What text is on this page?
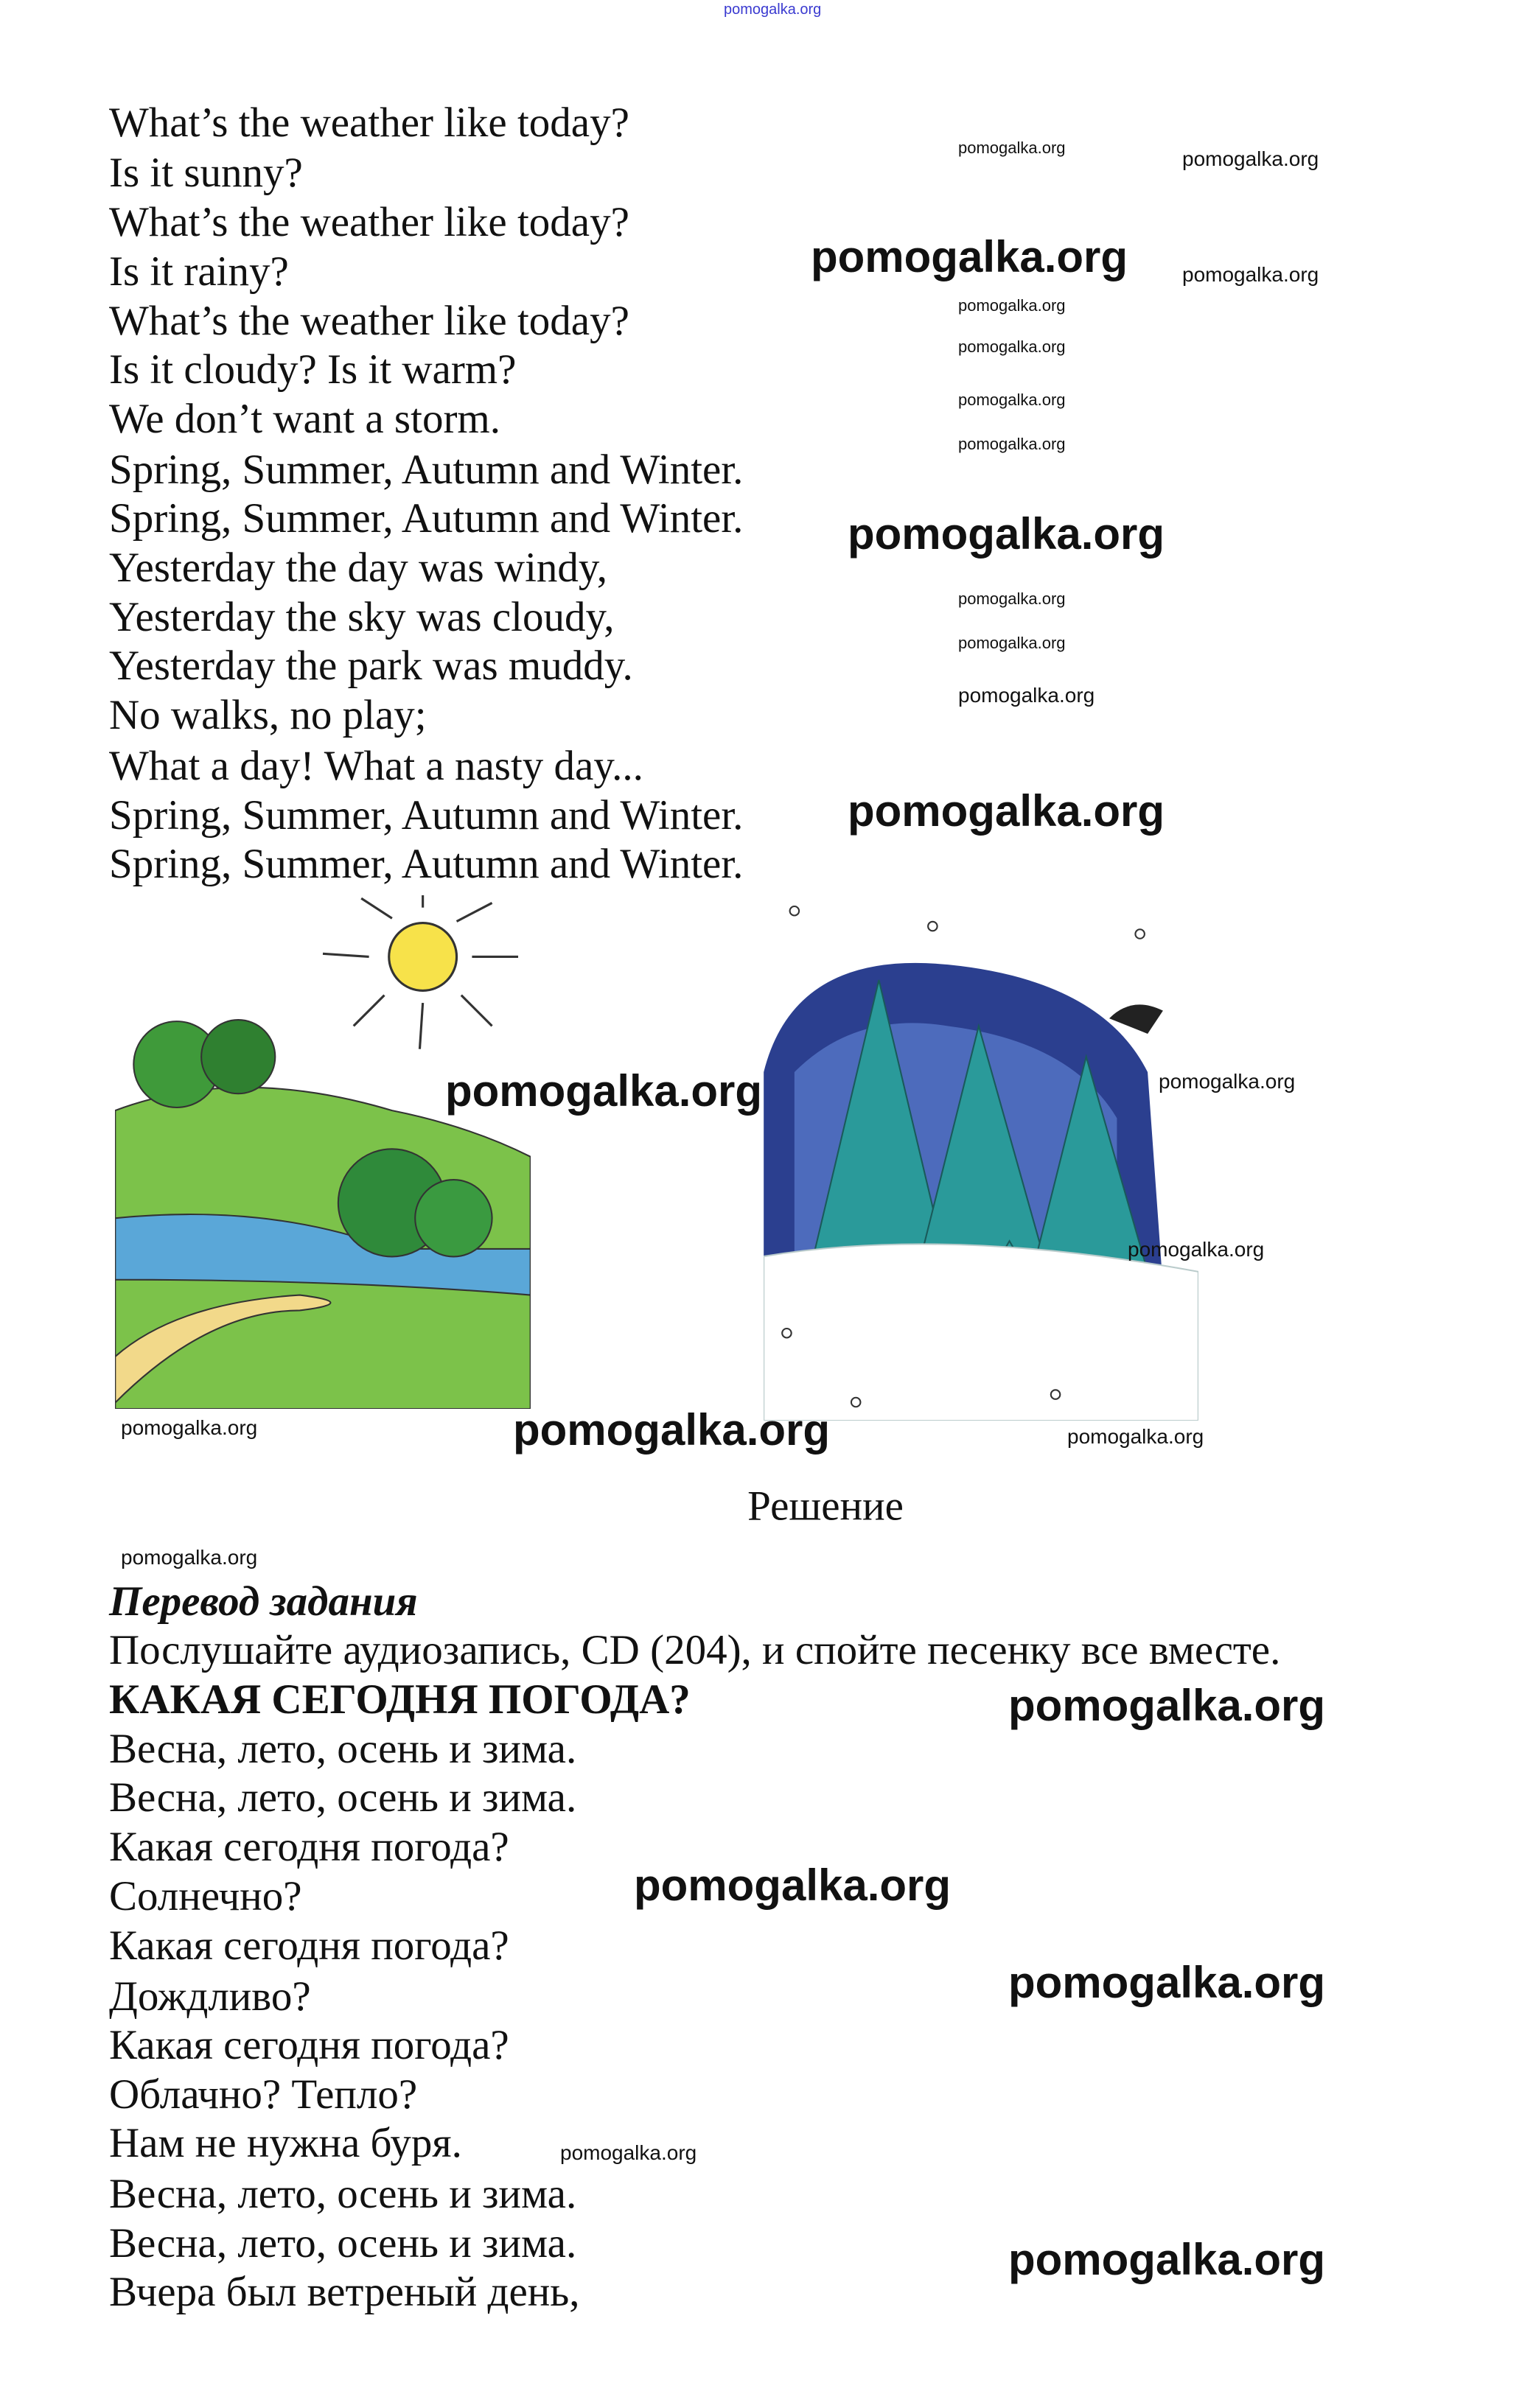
pomogalka.org
What’s the weather like today?
Is it sunny?
What’s the weather like today?
Is it rainy?
What’s the weather like today?
Is it cloudy? Is it warm?
We don’t want a storm.
Spring, Summer, Autumn and Winter.
Spring, Summer, Autumn and Winter.
Yesterday the day was windy,
Yesterday the sky was cloudy,
Yesterday the park was muddy.
No walks, no play;
What a day! What a nasty day...
Spring, Summer, Autumn and Winter.
Spring, Summer, Autumn and Winter.
Решение
Перевод задания
Послушайте аудиозапись, CD (204), и спойте песенку все вместе.
КАКАЯ СЕГОДНЯ ПОГОДА?
Весна, лето, осень и зима.
Весна, лето, осень и зима.
Какая сегодня погода?
Солнечно?
Какая сегодня погода?
Дождливо?
Какая сегодня погода?
Облачно? Тепло?
Нам не нужна буря.
Весна, лето, осень и зима.
Весна, лето, осень и зима.
Вчера был ветреный день,
pomogalka.org	pomogalka.org
pomogalka.org	pomogalka.org
pomogalka.org
pomogalka.org
pomogalka.org
pomogalka.org
pomogalka.org
pomogalka.org
pomogalka.org
pomogalka.org
pomogalka.org
pomogalka.org	pomogalka.org
pomogalka.org
pomogalka.org	pomogalka.org	pomogalka.org
pomogalka.org
pomogalka.org
pomogalka.org
pomogalka.org
pomogalka.org
pomogalka.org
